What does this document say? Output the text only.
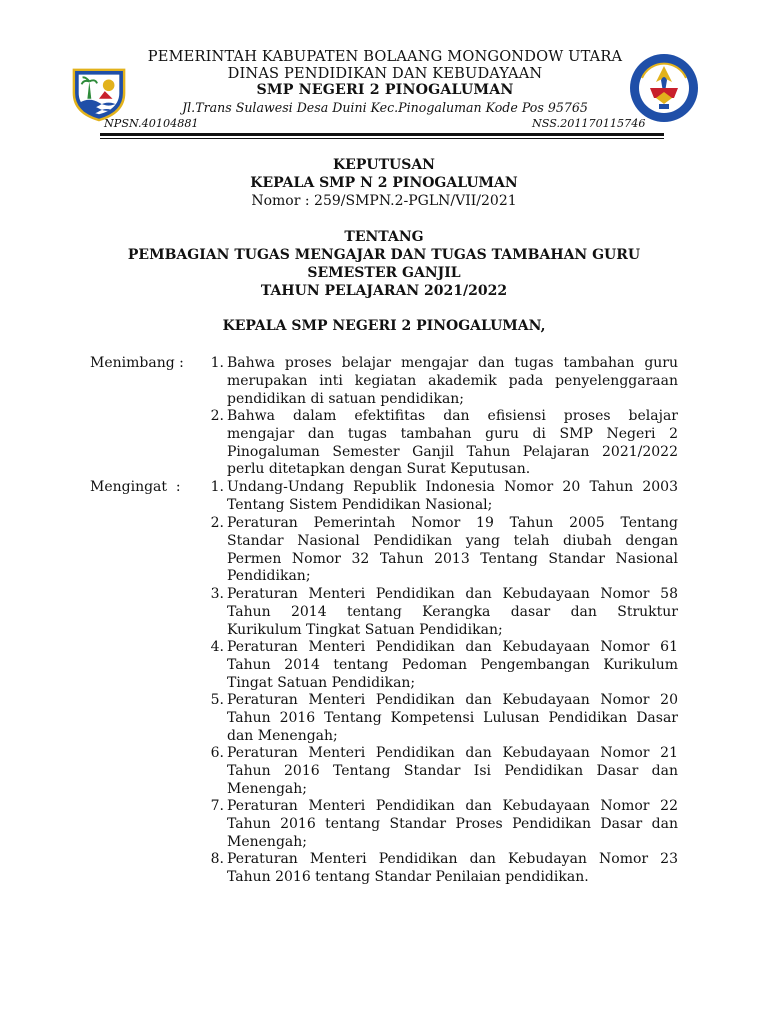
PEMERINTAH KABUPATEN BOLAANG MONGONDOW UTARA
DINAS PENDIDIKAN DAN KEBUDAYAAN
SMP NEGERI 2 PINOGALUMAN
Jl.Trans Sulawesi Desa Duini Kec.Pinogaluman Kode Pos 95765
NPSN.40104881	NSS.201170115746
KEPUTUSAN
KEPALA SMP N 2 PINOGALUMAN
Nomor : 259/SMPN.2-PGLN/VII/2021
TENTANG
PEMBAGIAN TUGAS MENGAJAR DAN TUGAS TAMBAHAN GURU
SEMESTER GANJIL
TAHUN PELAJARAN 2021/2022
KEPALA SMP NEGERI 2 PINOGALUMAN,
Menimbang :	1. Bahwa proses belajar mengajar dan tugas tambahan guru
merupakan inti kegiatan akademik pada penyelenggaraan
pendidikan di satuan pendidikan;

2. Bahwa dalam efektifitas dan efisiensi proses belajar
mengajar dan tugas tambahan guru di SMP Negeri 2
Pinogaluman Semester Ganjil Tahun Pelajaran 2021/2022
perlu ditetapkan dengan Surat Keputusan.

Mengingat  :	1. Undang-Undang Republik Indonesia Nomor 20 Tahun 2003
Tentang Sistem Pendidikan Nasional;

2. Peraturan Pemerintah Nomor 19 Tahun 2005 Tentang
Standar Nasional Pendidikan yang telah diubah dengan
Permen Nomor 32 Tahun 2013 Tentang Standar Nasional
Pendidikan;

3. Peraturan Menteri Pendidikan dan Kebudayaan Nomor 58
Tahun 2014 tentang Kerangka dasar dan Struktur
Kurikulum Tingkat Satuan Pendidikan;

4. Peraturan Menteri Pendidikan dan Kebudayaan Nomor 61
Tahun 2014 tentang Pedoman Pengembangan Kurikulum
Tingat Satuan Pendidikan;

5. Peraturan Menteri Pendidikan dan Kebudayaan Nomor 20
Tahun 2016 Tentang Kompetensi Lulusan Pendidikan Dasar
dan Menengah;

6. Peraturan Menteri Pendidikan dan Kebudayaan Nomor 21
Tahun 2016 Tentang Standar Isi Pendidikan Dasar dan
Menengah;

7. Peraturan Menteri Pendidikan dan Kebudayaan Nomor 22
Tahun 2016 tentang Standar Proses Pendidikan Dasar dan
Menengah;

8. Peraturan Menteri Pendidikan dan Kebudayan Nomor 23
Tahun 2016 tentang Standar Penilaian pendidikan.
